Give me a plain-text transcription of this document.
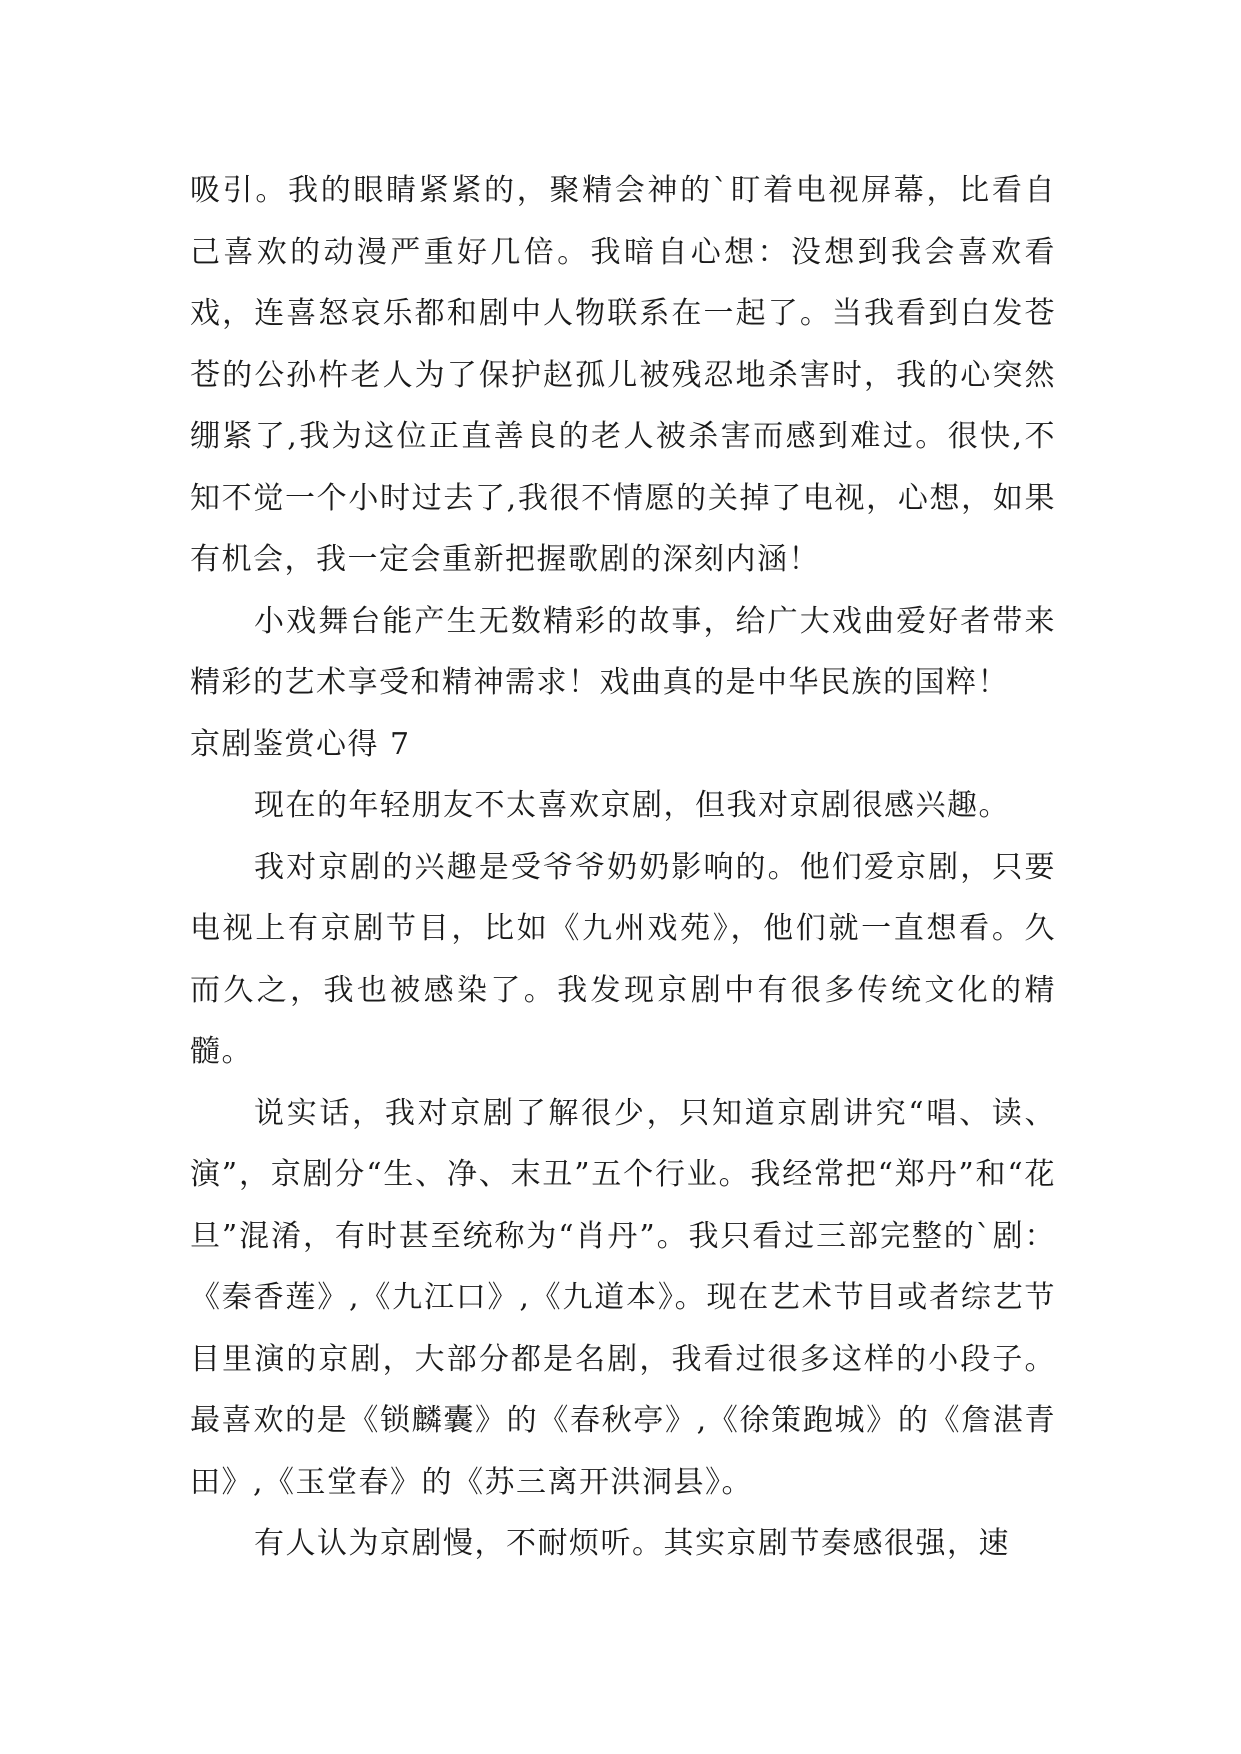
吸引。我的眼睛紧紧的，聚精会神的`盯着电视屏幕，比看自己喜欢的动漫严重好几倍。我暗自心想：没想到我会喜欢看戏，连喜怒哀乐都和剧中人物联系在一起了。当我看到白发苍苍的公孙杵老人为了保护赵孤儿被残忍地杀害时，我的心突然绷紧了,我为这位正直善良的老人被杀害而感到难过。很快,不知不觉一个小时过去了,我很不情愿的关掉了电视，心想，如果有机会，我一定会重新把握歌剧的深刻内涵！

小戏舞台能产生无数精彩的故事，给广大戏曲爱好者带来精彩的艺术享受和精神需求！戏曲真的是中华民族的国粹！

京剧鉴赏心得 7

现在的年轻朋友不太喜欢京剧，但我对京剧很感兴趣。

我对京剧的兴趣是受爷爷奶奶影响的。他们爱京剧，只要电视上有京剧节目，比如《九州戏苑》，他们就一直想看。久而久之，我也被感染了。我发现京剧中有很多传统文化的精髓。

说实话，我对京剧了解很少，只知道京剧讲究“唱、读、演”，京剧分“生、净、末丑”五个行业。我经常把“郑丹”和“花旦”混淆，有时甚至统称为“肖丹”。我只看过三部完整的`剧：《秦香莲》,《九江口》,《九道本》。现在艺术节目或者综艺节目里演的京剧，大部分都是名剧，我看过很多这样的小段子。最喜欢的是《锁麟囊》的《春秋亭》,《徐策跑城》的《詹湛青田》,《玉堂春》的《苏三离开洪洞县》。

有人认为京剧慢，不耐烦听。其实京剧节奏感很强，速
